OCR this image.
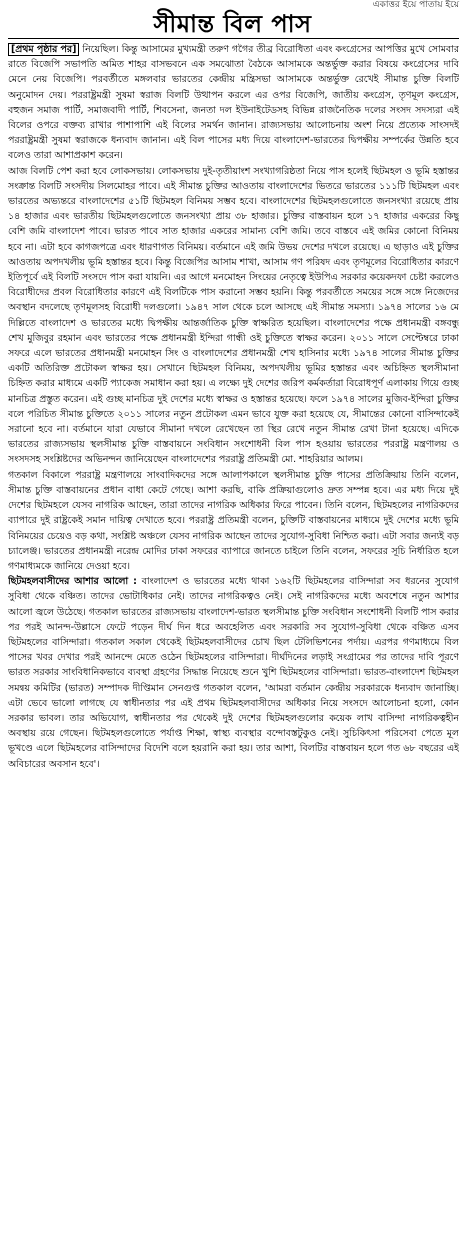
একাত্তর ইয়ে পাতায় ইয়ে
সীমান্ত বিল পাস

[প্রথম পৃষ্ঠার পর] নিয়েছিল। কিন্তু আসামের মুখ্যমন্ত্রী তরুণ গগৈর তীব্র বিরোধিতা এবং কংগ্রেসের আপত্তির মুখে সোমবার রাতে বিজেপি সভাপতি অমিত শাহর বাসভবনে এক সমঝোতা বৈঠকে আসামকে অন্তর্ভুক্ত করার বিষয়ে কংগ্রেসের দাবি মেনে নেয় বিজেপি। পরবর্তীতে মঙ্গলবার ভারতের কেন্দ্রীয় মন্ত্রিসভা আসামকে অন্তর্ভুক্ত রেখেই সীমান্ত চুক্তি বিলটি অনুমোদন দেয়। পররাষ্ট্রমন্ত্রী সুষমা স্বরাজ বিলটি উত্থাপন করলে এর ওপর বিজেপি, জাতীয় কংগ্রেস, তৃণমূল কংগ্রেস, বহুজন সমাজ পার্টি, সমাজবাদী পার্টি, শিবসেনা, জনতা দল ইউনাইটেডসহ বিভিন্ন রাজনৈতিক দলের সংসদ সদস্যরা এই বিলের ওপরে বক্তব্য রাখার পাশাপাশি এই বিলের সমর্থন জানান। রাজ্যসভায় আলোচনায় অংশ নিয়ে প্রত্যেক সাংসদই পররাষ্ট্রমন্ত্রী সুষমা স্বরাজকে ধন্যবাদ জানান। এই বিল পাসের মধ্য দিয়ে বাংলাদেশ-ভারতের দ্বিপক্ষীয় সম্পর্কের উন্নতি হবে বলেও তারা আশাপ্রকাশ করেন।

আজ বিলটি পেশ করা হবে লোকসভায়। লোকসভায় দুই-তৃতীয়াংশ সংখ্যাগরিষ্ঠতা নিয়ে পাস হলেই ছিটমহল ও ভূমি হস্তান্তর সংক্রান্ত বিলটি সংসদীয় সিলমোহর পাবে। এই সীমান্ত চুক্তির আওতায় বাংলাদেশের ভিতরে ভারতের ১১১টি ছিটমহল এবং ভারতের অভ্যন্তরে বাংলাদেশের ৫১টি ছিটমহল বিনিময় সম্ভব হবে। বাংলাদেশের ছিটমহলগুলোতে জনসংখ্যা রয়েছে প্রায় ১৪ হাজার এবং ভারতীয় ছিটমহলগুলোতে জনসংখ্যা প্রায় ৩৮ হাজার। চুক্তির বাস্তবায়ন হলে ১৭ হাজার একরের কিছু বেশি জমি বাংলাদেশ পাবে। ভারত পাবে সাত হাজার একরের সামান্য বেশি জমি। তবে বাস্তবে এই জমির কোনো বিনিময় হবে না। এটা হবে কাগজপত্রে এবং ধারণাগত বিনিময়। বর্তমানে এই জমি উভয় দেশের দখলে রয়েছে। এ ছাড়াও এই চুক্তির আওতায় অপদখলীয় ভূমি হস্তান্তর হবে। কিন্তু বিজেপির আসাম শাখা, আসাম গণ পরিষদ এবং তৃণমূলের বিরোধিতার কারণে ইতিপূর্বে এই বিলটি সংসদে পাস করা যায়নি। এর আগে মনমোহন সিংয়ের নেতৃত্বে ইউপিএ সরকার কয়েকদফা চেষ্টা করলেও বিরোধীদের প্রবল বিরোধিতার কারণে এই বিলটিকে পাস করানো সম্ভব হয়নি। কিন্তু পরবর্তীতে সময়ের সঙ্গে সঙ্গে নিজেদের অবস্থান বদলেছে তৃণমূলসহ বিরোধী দলগুলো। ১৯৪৭ সাল থেকে চলে আসছে এই সীমান্ত সমস্যা। ১৯৭৪ সালের ১৬ মে দিল্লিতে বাংলাদেশ ও ভারতের মধ্যে দ্বিপক্ষীয় আন্তর্জাতিক চুক্তি স্বাক্ষরিত হয়েছিল। বাংলাদেশের পক্ষে প্রধানমন্ত্রী বঙ্গবন্ধু শেখ মুজিবুর রহমান এবং ভারতের পক্ষে প্রধানমন্ত্রী ইন্দিরা গান্ধী ওই চুক্তিতে স্বাক্ষর করেন। ২০১১ সালে সেপ্টেম্বরে ঢাকা সফরে এলে ভারতের প্রধানমন্ত্রী মনমোহন সিং ও বাংলাদেশের প্রধানমন্ত্রী শেখ হাসিনার মধ্যে ১৯৭৪ সালের সীমান্ত চুক্তির একটি অতিরিক্ত প্রটোকল স্বাক্ষর হয়। সেখানে ছিটমহল বিনিময়, অপদখলীয় ভূমির হস্তান্তর এবং অচিহ্নিত স্থলসীমানা চিহ্নিত করার মাধ্যমে একটি প্যাকেজ সমাধান করা হয়। এ লক্ষ্যে দুই দেশের জরিপ কর্মকর্তারা বিরোধপূর্ণ এলাকায় গিয়ে গুচ্ছ মানচিত্র প্রস্তুত করেন। এই গুচ্ছ মানচিত্র দুই দেশের মধ্যে স্বাক্ষর ও হস্তান্তর হয়েছে। ফলে ১৯৭৪ সালের মুজিব-ইন্দিরা চুক্তির বলে পরিচিত সীমান্ত চুক্তিতে ২০১১ সালের নতুন প্রটোকল এমন ভাবে যুক্ত করা হয়েছে যে, সীমান্তের কোনো বাসিন্দাকেই সরানো হবে না। বর্তমানে যারা যেভাবে সীমানা দখলে রেখেছেন তা স্থির রেখে নতুন সীমান্ত রেখা টানা হয়েছে। এদিকে ভারতের রাজ্যসভায় স্থলসীমান্ত চুক্তি বাস্তবায়নে সংবিধান সংশোধনী বিল পাস হওয়ায় ভারতের পররাষ্ট্র মন্ত্রণালয় ও সংসদসহ সংশ্লিষ্টদের অভিনন্দন জানিয়েছেন বাংলাদেশের পররাষ্ট্র প্রতিমন্ত্রী মো. শাহরিয়ার আলম।

গতকাল বিকালে পররাষ্ট্র মন্ত্রণালয়ে সাংবাদিকদের সঙ্গে আলাপকালে স্থলসীমান্ত চুক্তি পাসের প্রতিক্রিয়ায় তিনি বলেন, সীমান্ত চুক্তি বাস্তবায়নের প্রধান বাধা কেটে গেছে। আশা করছি, বাকি প্রক্রিয়াগুলোও দ্রুত সম্পন্ন হবে। এর মধ্য দিয়ে দুই দেশের ছিটমহলে যেসব নাগরিক আছেন, তারা তাদের নাগরিক অধিকার ফিরে পাবেন। তিনি বলেন, ছিটমহলের নাগরিকদের ব্যাপারে দুই রাষ্ট্রকেই সমান দায়িত্ব দেখাতে হবে। পররাষ্ট্র প্রতিমন্ত্রী বলেন, চুক্তিটি বাস্তবায়নের মাধ্যমে দুই দেশের মধ্যে ভূমি বিনিময়ের চেয়েও বড় কথা, সংশ্লিষ্ট অঞ্চলে যেসব নাগরিক আছেন তাদের সুযোগ-সুবিধা নিশ্চিত করা। এটা সবার জন্যই বড় চ্যালেঞ্জ। ভারতের প্রধানমন্ত্রী নরেন্দ্র মোদির ঢাকা সফরের ব্যাপারে জানতে চাইলে তিনি বলেন, সফরের সূচি নির্ধারিত হলে গণমাধ্যমকে জানিয়ে দেওয়া হবে।

ছিটমহলবাসীদের আশার আলো : বাংলাদেশ ও ভারতের মধ্যে থাকা ১৬২টি ছিটমহলের বাসিন্দারা সব ধরনের সুযোগ সুবিধা থেকে বঞ্চিত। তাদের ভোটাধিকার নেই। তাদের নাগরিকত্বও নেই। সেই নাগরিকদের মধ্যে অবশেষে নতুন আশার আলো জ্বলে উঠেছে। গতকাল ভারতের রাজ্যসভায় বাংলাদেশ-ভারত স্থলসীমান্ত চুক্তি সংবিধান সংশোধনী বিলটি পাস করার পর পরই আনন্দ-উল্লাসে ফেটে পড়েন দীর্ঘ দিন ধরে অবহেলিত এবং সরকারি সব সুযোগ-সুবিধা থেকে বঞ্চিত এসব ছিটমহলের বাসিন্দারা। গতকাল সকাল থেকেই ছিটমহলবাসীদের চোখ ছিল টেলিভিশনের পর্দায়। এরপর গণমাধ্যমে বিল পাসের খবর দেখার পরই আনন্দে মেতে ওঠেন ছিটমহলের বাসিন্দারা। দীর্ঘদিনের লড়াই সংগ্রামের পর তাদের দাবি পূরণে ভারত সরকার সাংবিধানিকভাবে ব্যবস্থা গ্রহণের সিদ্ধান্ত নিয়েছে শুনে খুশি ছিটমহলের বাসিন্দারা। ভারত-বাংলাদেশ ছিটমহল সমন্বয় কমিটির (ভারত) সম্পাদক দীপ্তিমান সেনগুপ্ত গতকাল বলেন, 'আমরা বর্তমান কেন্দ্রীয় সরকারকে ধন্যবাদ জানাচ্ছি। এটা ভেবে ভালো লাগছে যে স্বাধীনতার পর এই প্রথম ছিটমহলবাসীদের অধিকার নিয়ে সংসদে আলোচনা হলো, কোন সরকার ভাবল। তার অভিযোগ, স্বাধীনতার পর থেকেই দুই দেশের ছিটমহলগুলোর কয়েক লাখ বাসিন্দা নাগরিকত্বহীন অবস্থায় রয়ে গেছেন। ছিটমহলগুলোতে পর্যাপ্ত শিক্ষা, স্বাস্থ্য ব্যবস্থার বন্দোবস্তটুকুও নেই। সুচিকিৎসা পরিসেবা পেতে মূল ভূখণ্ডে এলে ছিটমহলের বাসিন্দাদের বিদেশি বলে হয়রানি করা হয়। তার আশা, বিলটির বাস্তবায়ন হলে গত ৬৮ বছরের এই অবিচারের অবসান হবে'।
